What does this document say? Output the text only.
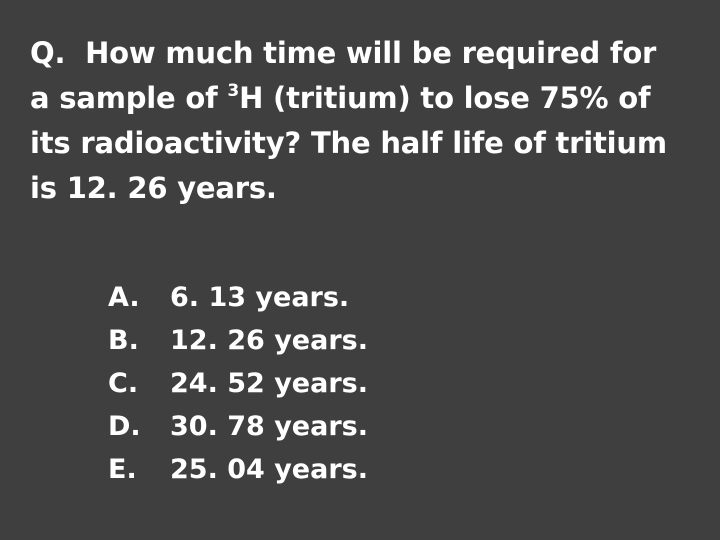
Q. How much time will be required for
a sample of $^3$H (tritium) to lose 75% of
its radioactivity? The half life of tritium
is 12. 26 years.
A.	6. 13 years.
B.	12. 26 years.
C.	24. 52 years.
D.	30. 78 years.
E.	25. 04 years.
